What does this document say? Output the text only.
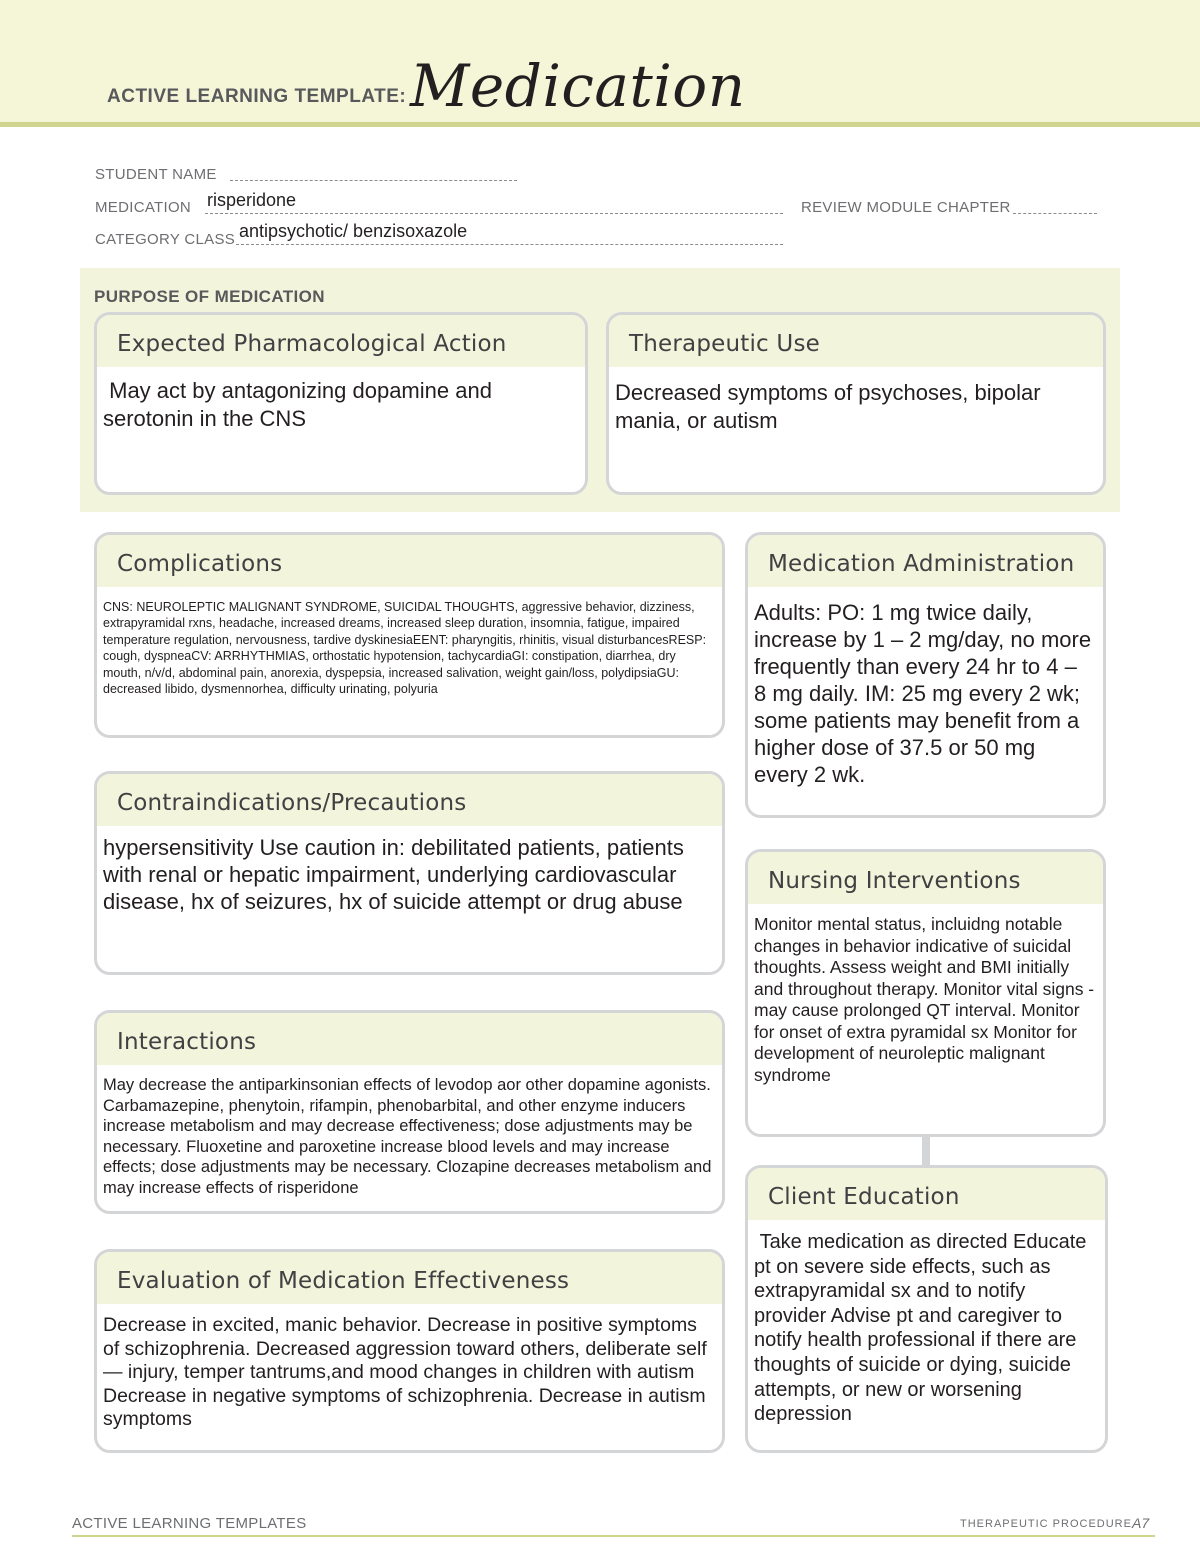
ACTIVE LEARNING TEMPLATE: Medication
STUDENT NAME
MEDICATION risperidone	REVIEW MODULE CHAPTER
CATEGORY CLASS antipsychotic/ benzisoxazole
PURPOSE OF MEDICATION
Expected Pharmacological Action
May act by antagonizing dopamine and serotonin in the CNS
Therapeutic Use
Decreased symptoms of psychoses, bipolar mania, or autism
Complications
CNS: NEUROLEPTIC MALIGNANT SYNDROME, SUICIDAL THOUGHTS, aggressive behavior, dizziness, extrapyramidal rxns, headache, increased dreams, increased sleep duration, insomnia, fatigue, impaired temperature regulation, nervousness, tardive dyskinesiaEENT: pharyngitis, rhinitis, visual disturbancesRESP: cough, dyspneaCV: ARRHYTHMIAS, orthostatic hypotension, tachycardiaGI: constipation, diarrhea, dry mouth, n/v/d, abdominal pain, anorexia, dyspepsia, increased salivation, weight gain/loss, polydipsiaGU: decreased libido, dysmennorhea, difficulty urinating, polyuria
Medication Administration
Adults: PO: 1 mg twice daily, increase by 1 – 2 mg/day, no more frequently than every 24 hr to 4 – 8 mg daily. IM: 25 mg every 2 wk; some patients may benefit from a higher dose of 37.5 or 50 mg every 2 wk.
Contraindications/Precautions
hypersensitivity Use caution in: debilitated patients, patients with renal or hepatic impairment, underlying cardiovascular disease, hx of seizures, hx of suicide attempt or drug abuse
Nursing Interventions
Monitor mental status, incluidng notable changes in behavior indicative of suicidal thoughts. Assess weight and BMI initially and throughout therapy. Monitor vital signs - may cause prolonged QT interval. Monitor for onset of extra pyramidal sx Monitor for development of neuroleptic malignant syndrome
Interactions
May decrease the antiparkinsonian effects of levodop aor other dopamine agonists. Carbamazepine, phenytoin, rifampin, phenobarbital, and other enzyme inducers increase metabolism and may decrease effectiveness; dose adjustments may be necessary. Fluoxetine and paroxetine increase blood levels and may increase effects; dose adjustments may be necessary. Clozapine decreases metabolism and may increase effects of risperidone	Client Education
Take medication as directed Educate pt on severe side effects, such as extrapyramidal sx and to notify provider Advise pt and caregiver to notify health professional if there are thoughts of suicide or dying, suicide attempts, or new or worsening depression
Evaluation of Medication Effectiveness
Decrease in excited, manic behavior. Decrease in positive symptoms of schizophrenia. Decreased aggression toward others, deliberate self — injury, temper tantrums,and mood changes in children with autism Decrease in negative symptoms of schizophrenia. Decrease in autism symptoms
ACTIVE LEARNING TEMPLATES	THERAPEUTIC PROCEDURE A7
